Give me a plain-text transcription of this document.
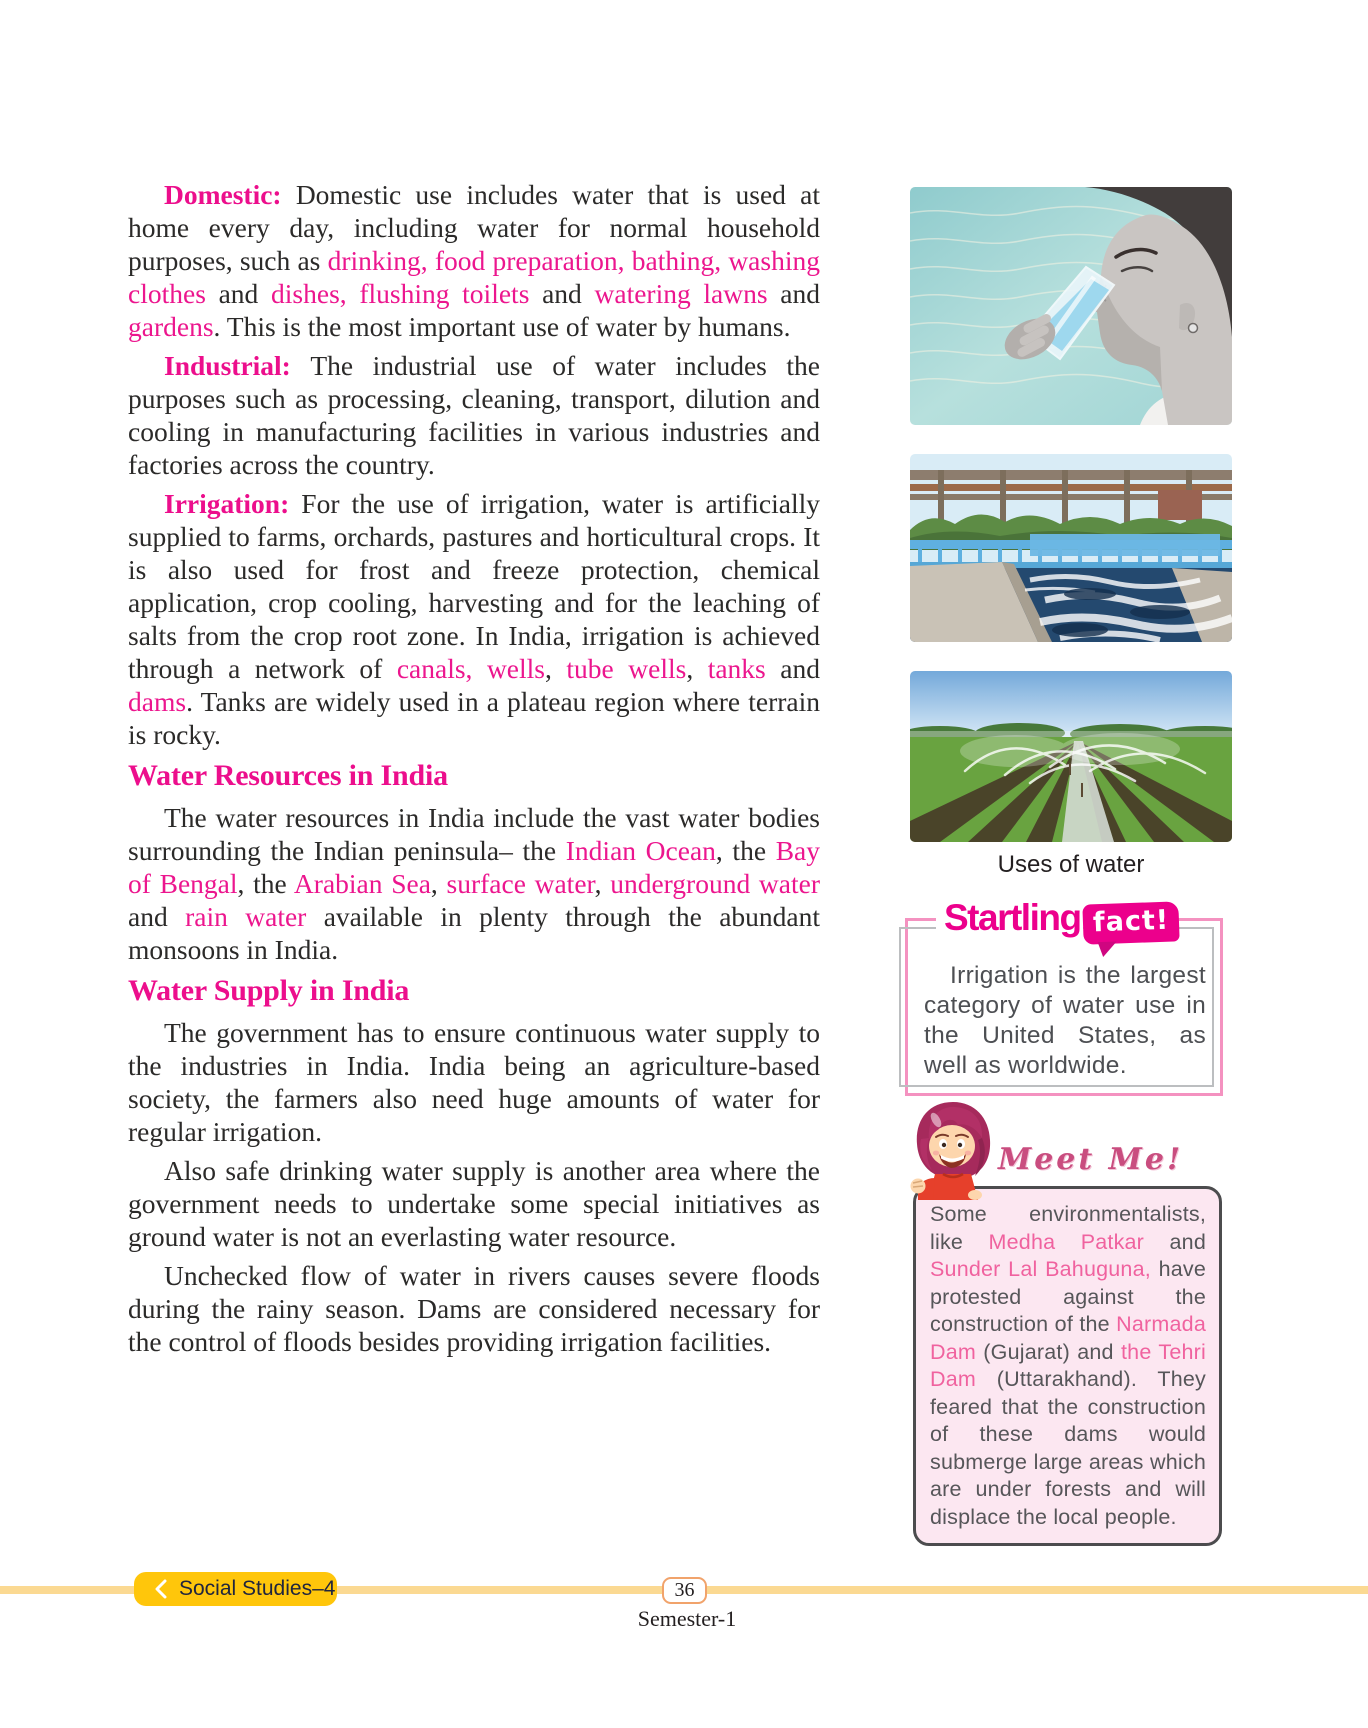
Domestic: Domestic use includes water that is used at home every day, including water for normal household purposes, such as drinking, food preparation, bathing, washing clothes and dishes, flushing toilets and watering lawns and gardens. This is the most important use of water by humans.

Industrial: The industrial use of water includes the purposes such as processing, cleaning, transport, dilution and cooling in manufacturing facilities in various industries and factories across the country.

Irrigation: For the use of irrigation, water is artificially supplied to farms, orchards, pastures and horticultural crops. It is also used for frost and freeze protection, chemical application, crop cooling, harvesting and for the leaching of salts from the crop root zone. In India, irrigation is achieved through a network of canals, wells, tube wells, tanks and dams. Tanks are widely used in a plateau region where terrain is rocky.

Water Resources in India

The water resources in India include the vast water bodies surrounding the Indian peninsula– the Indian Ocean, the Bay of Bengal, the Arabian Sea, surface water, underground water and rain water available in plenty through the abundant monsoons in India.

Water Supply in India

The government has to ensure continuous water supply to the industries in India. India being an agriculture-based society, the farmers also need huge amounts of water for regular irrigation.

Also safe drinking water supply is another area where the government needs to undertake some special initiatives as ground water is not an everlasting water resource.

Unchecked flow of water in rivers causes severe floods during the rainy season. Dams are considered necessary for the control of floods besides providing irrigation facilities.

Uses of water
Startling fact!
Irrigation is the largest category of water use in the United States, as well as worldwide.
Meet Me!
Some environmentalists, like Medha Patkar and Sunder Lal Bahuguna, have protested against the construction of the Narmada Dam (Gujarat) and the Tehri Dam (Uttarakhand). They feared that the construction of these dams would submerge large areas which are under forests and will displace the local people.
Social Studies–4	36
Semester-1
